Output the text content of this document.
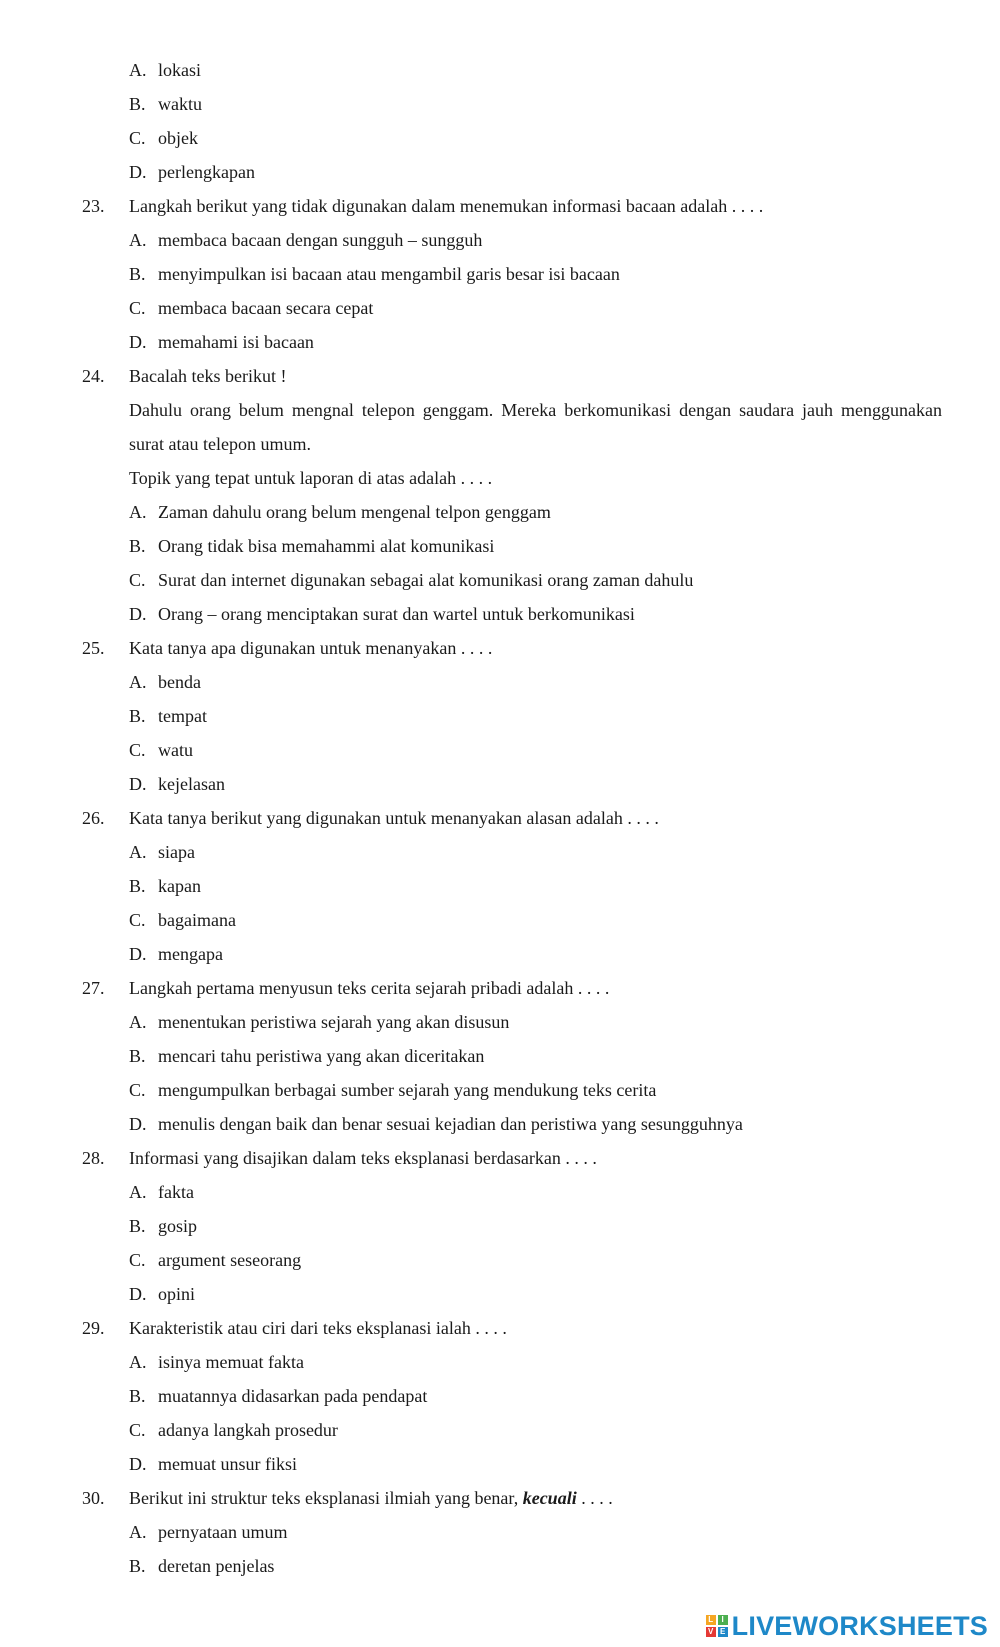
A. lokasi
B. waktu
C. objek
D. perlengkapan
23. Langkah berikut yang tidak digunakan dalam menemukan informasi bacaan adalah . . . .
A. membaca bacaan dengan sungguh – sungguh
B. menyimpulkan isi bacaan atau mengambil garis besar isi bacaan
C. membaca bacaan secara cepat
D. memahami isi bacaan
24. Bacalah teks berikut !
Dahulu orang belum mengnal telepon genggam. Mereka berkomunikasi dengan saudara jauh menggunakan surat atau telepon umum.
Topik yang tepat untuk laporan di atas adalah . . . .
A. Zaman dahulu orang belum mengenal telpon genggam
B. Orang tidak bisa memahammi alat komunikasi
C. Surat dan internet digunakan sebagai alat komunikasi orang zaman dahulu
D. Orang – orang menciptakan surat dan wartel untuk berkomunikasi
25. Kata tanya apa digunakan untuk menanyakan . . . .
A. benda
B. tempat
C. watu
D. kejelasan
26. Kata tanya berikut yang digunakan untuk menanyakan alasan adalah . . . .
A. siapa
B. kapan
C. bagaimana
D. mengapa
27. Langkah pertama menyusun teks cerita sejarah pribadi adalah . . . .
A. menentukan peristiwa sejarah yang akan disusun
B. mencari tahu peristiwa yang akan diceritakan
C. mengumpulkan berbagai sumber sejarah yang mendukung teks cerita
D. menulis dengan baik dan benar sesuai kejadian dan peristiwa yang sesungguhnya
28. Informasi yang disajikan dalam teks eksplanasi berdasarkan . . . .
A. fakta
B. gosip
C. argument seseorang
D. opini
29. Karakteristik atau ciri dari teks eksplanasi ialah . . . .
A. isinya memuat fakta
B. muatannya didasarkan pada pendapat
C. adanya langkah prosedur
D. memuat unsur fiksi
30. Berikut ini struktur teks eksplanasi ilmiah yang benar, kecuali . . . .
A. pernyataan umum
B. deretan penjelas
L	I
V E LIVEWORKSHEETS
